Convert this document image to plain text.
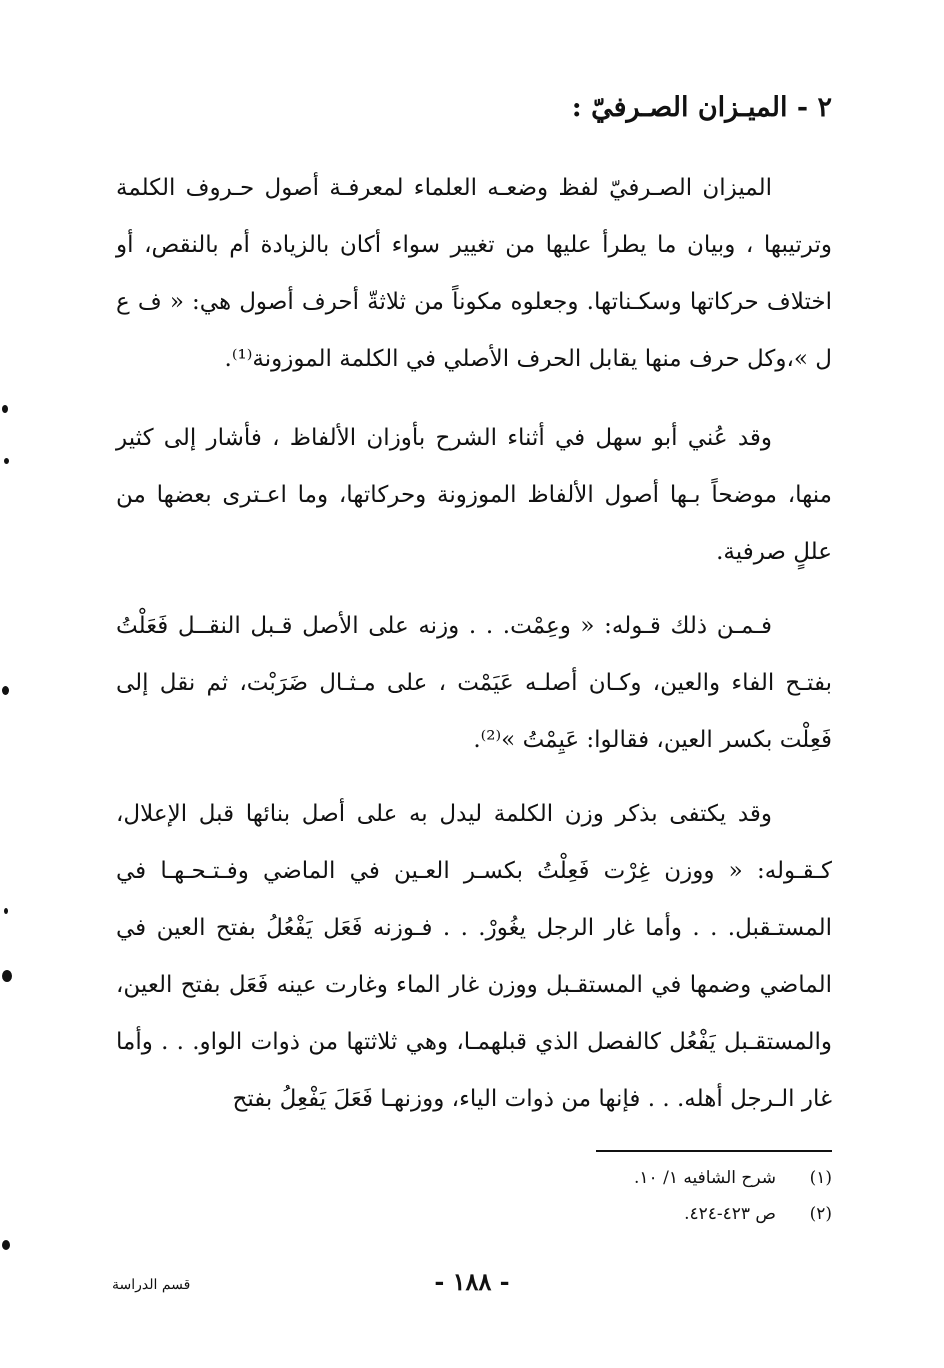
٢ - الميـزان الصـرفيّ :

الميزان الصـرفيّ لفظ وضعـه العلماء لمعرفـة أصول حـروف الكلمة وترتيبها ، وبيان ما يطرأ عليها من تغيير سواء أكان بالزيادة أم بالنقص، أو اختلاف حركاتها وسكـناتها. وجعلوه مكوناً من ثلاثةّ أحرف أصول هي: « ف ع ل »،وكل حرف منها يقابل الحرف الأصلي في الكلمة الموزونة⁽¹⁾.

وقد عُني أبو سهل في أثناء الشرح بأوزان الألفاظ ، فأشار إلى كثير منها، موضحاً بـها أصول الألفاظ الموزونة وحركاتها، وما اعـترى بعضها من عللٍ صرفية.

فـمـن ذلك قـوله: « وعِمْت. . . وزنه على الأصل قـبل النقــل فَعَلْتُ بفتـح الفاء والعين، وكـان أصلـه عَيَمْت ، على مـثـال ضَرَبْت، ثم نقل إلى فَعِلْت بكسر العين، فقالوا: عَيِمْتُ »⁽²⁾.

وقد يكتفى بذكر وزن الكلمة ليدل به على أصل بنائها قبل الإعلال، كـقـوله: « ووزن غِرْت فَعِلْتُ بكسـر العـين في الماضي وفـتـحـهـا في المستـقبل. . . وأما غار الرجل يغُورْ. . . فـوزنه فَعَل يَفْعُلُ بفتح العين في الماضي وضمها في المستقـبل ووزن غار الماء وغارت عينه فَعَل بفتح العين، والمستقـبل يَفْعُل كالفصل الذي قبلهمـا، وهي ثلاثتها من ذوات الواو. . . وأما غار الـرجل أهله. . . فإنها من ذوات الياء، ووزنهـا فَعَلَ يَفْعِلُ بفتح

(١)
شرح الشافيه ١/ ١٠.
(٢)
ص ٤٢٣-٤٢٤.
- ١٨٨ -
قسم الدراسة
